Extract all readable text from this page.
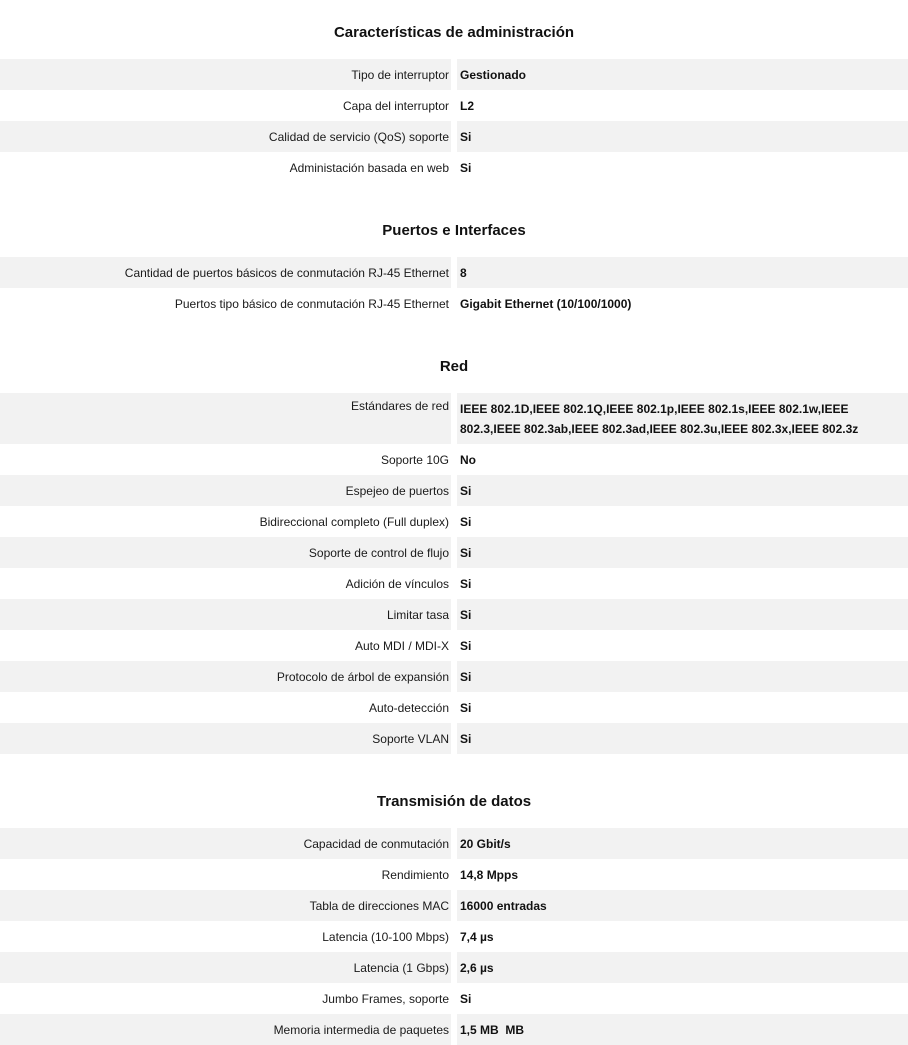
Características de administración
Tipo de interruptor Gestionado
Capa del interruptor L2
Calidad de servicio (QoS) soporte Si
Administación basada en web Si
Puertos e Interfaces
Cantidad de puertos básicos de conmutación RJ-45 Ethernet 8
Puertos tipo básico de conmutación RJ-45 Ethernet Gigabit Ethernet (10/100/1000)
Red
Estándares de red IEEE 802.1D,IEEE 802.1Q,IEEE 802.1p,IEEE 802.1s,IEEE 802.1w,IEEE 802.3,IEEE 802.3ab,IEEE 802.3ad,IEEE 802.3u,IEEE 802.3x,IEEE 802.3z
Soporte 10G No
Espejeo de puertos Si
Bidireccional completo (Full duplex) Si
Soporte de control de flujo Si
Adición de vínculos Si
Limitar tasa Si
Auto MDI / MDI-X Si
Protocolo de árbol de expansión Si
Auto-detección Si
Soporte VLAN Si
Transmisión de datos
Capacidad de conmutación 20 Gbit/s
Rendimiento 14,8 Mpps
Tabla de direcciones MAC 16000 entradas
Latencia (10-100 Mbps) 7,4 µs
Latencia (1 Gbps) 2,6 µs
Jumbo Frames, soporte Si
Memoria intermedia de paquetes 1,5 MB  MB
